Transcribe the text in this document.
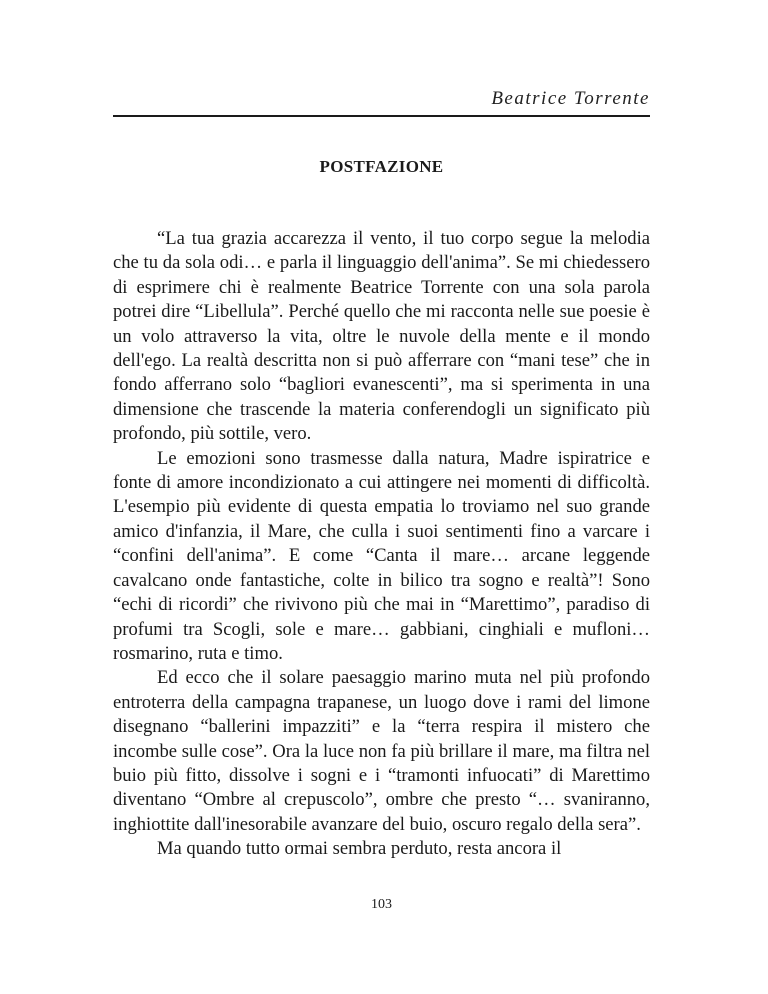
Beatrice Torrente
POSTFAZIONE

“La tua grazia accarezza il vento, il tuo corpo segue la melodia che tu da sola odi… e parla il linguaggio dell'anima”. Se mi chiedessero di esprimere chi è realmente Beatrice Torrente con una sola parola potrei dire “Libellula”. Perché quello che mi racconta nelle sue poesie è un volo attraverso la vita, oltre le nuvole della mente e il mondo dell'ego. La realtà descritta non si può afferrare con “mani tese” che in fondo afferrano solo “bagliori evanescenti”, ma si sperimenta in una dimensione che trascende la materia conferendogli un significato più profondo, più sottile, vero.

Le emozioni sono trasmesse dalla natura, Madre ispiratrice e fonte di amore incondizionato a cui attingere nei momenti di difficoltà. L'esempio più evidente di questa empatia lo troviamo nel suo grande amico d'infanzia, il Mare, che culla i suoi sentimenti fino a varcare i “confini dell'anima”. E come “Canta il mare… arcane leggende cavalcano onde fantastiche, colte in bilico tra sogno e realtà”! Sono “echi di ricordi” che rivivono più che mai in “Marettimo”, paradiso di profumi tra Scogli, sole e mare… gabbiani, cinghiali e mufloni… rosmarino, ruta e timo.

Ed ecco che il solare paesaggio marino muta nel più profondo entroterra della campagna trapanese, un luogo dove i rami del limone disegnano “ballerini impazziti” e la “terra respira il mistero che incombe sulle cose”. Ora la luce non fa più brillare il mare, ma filtra nel buio più fitto, dissolve i sogni e i “tramonti infuocati” di Marettimo diventano “Ombre al crepuscolo”, ombre che presto “… svaniranno, inghiottite dall'inesorabile avanzare del buio, oscuro regalo della sera”.

Ma quando tutto ormai sembra perduto, resta ancora il

103
